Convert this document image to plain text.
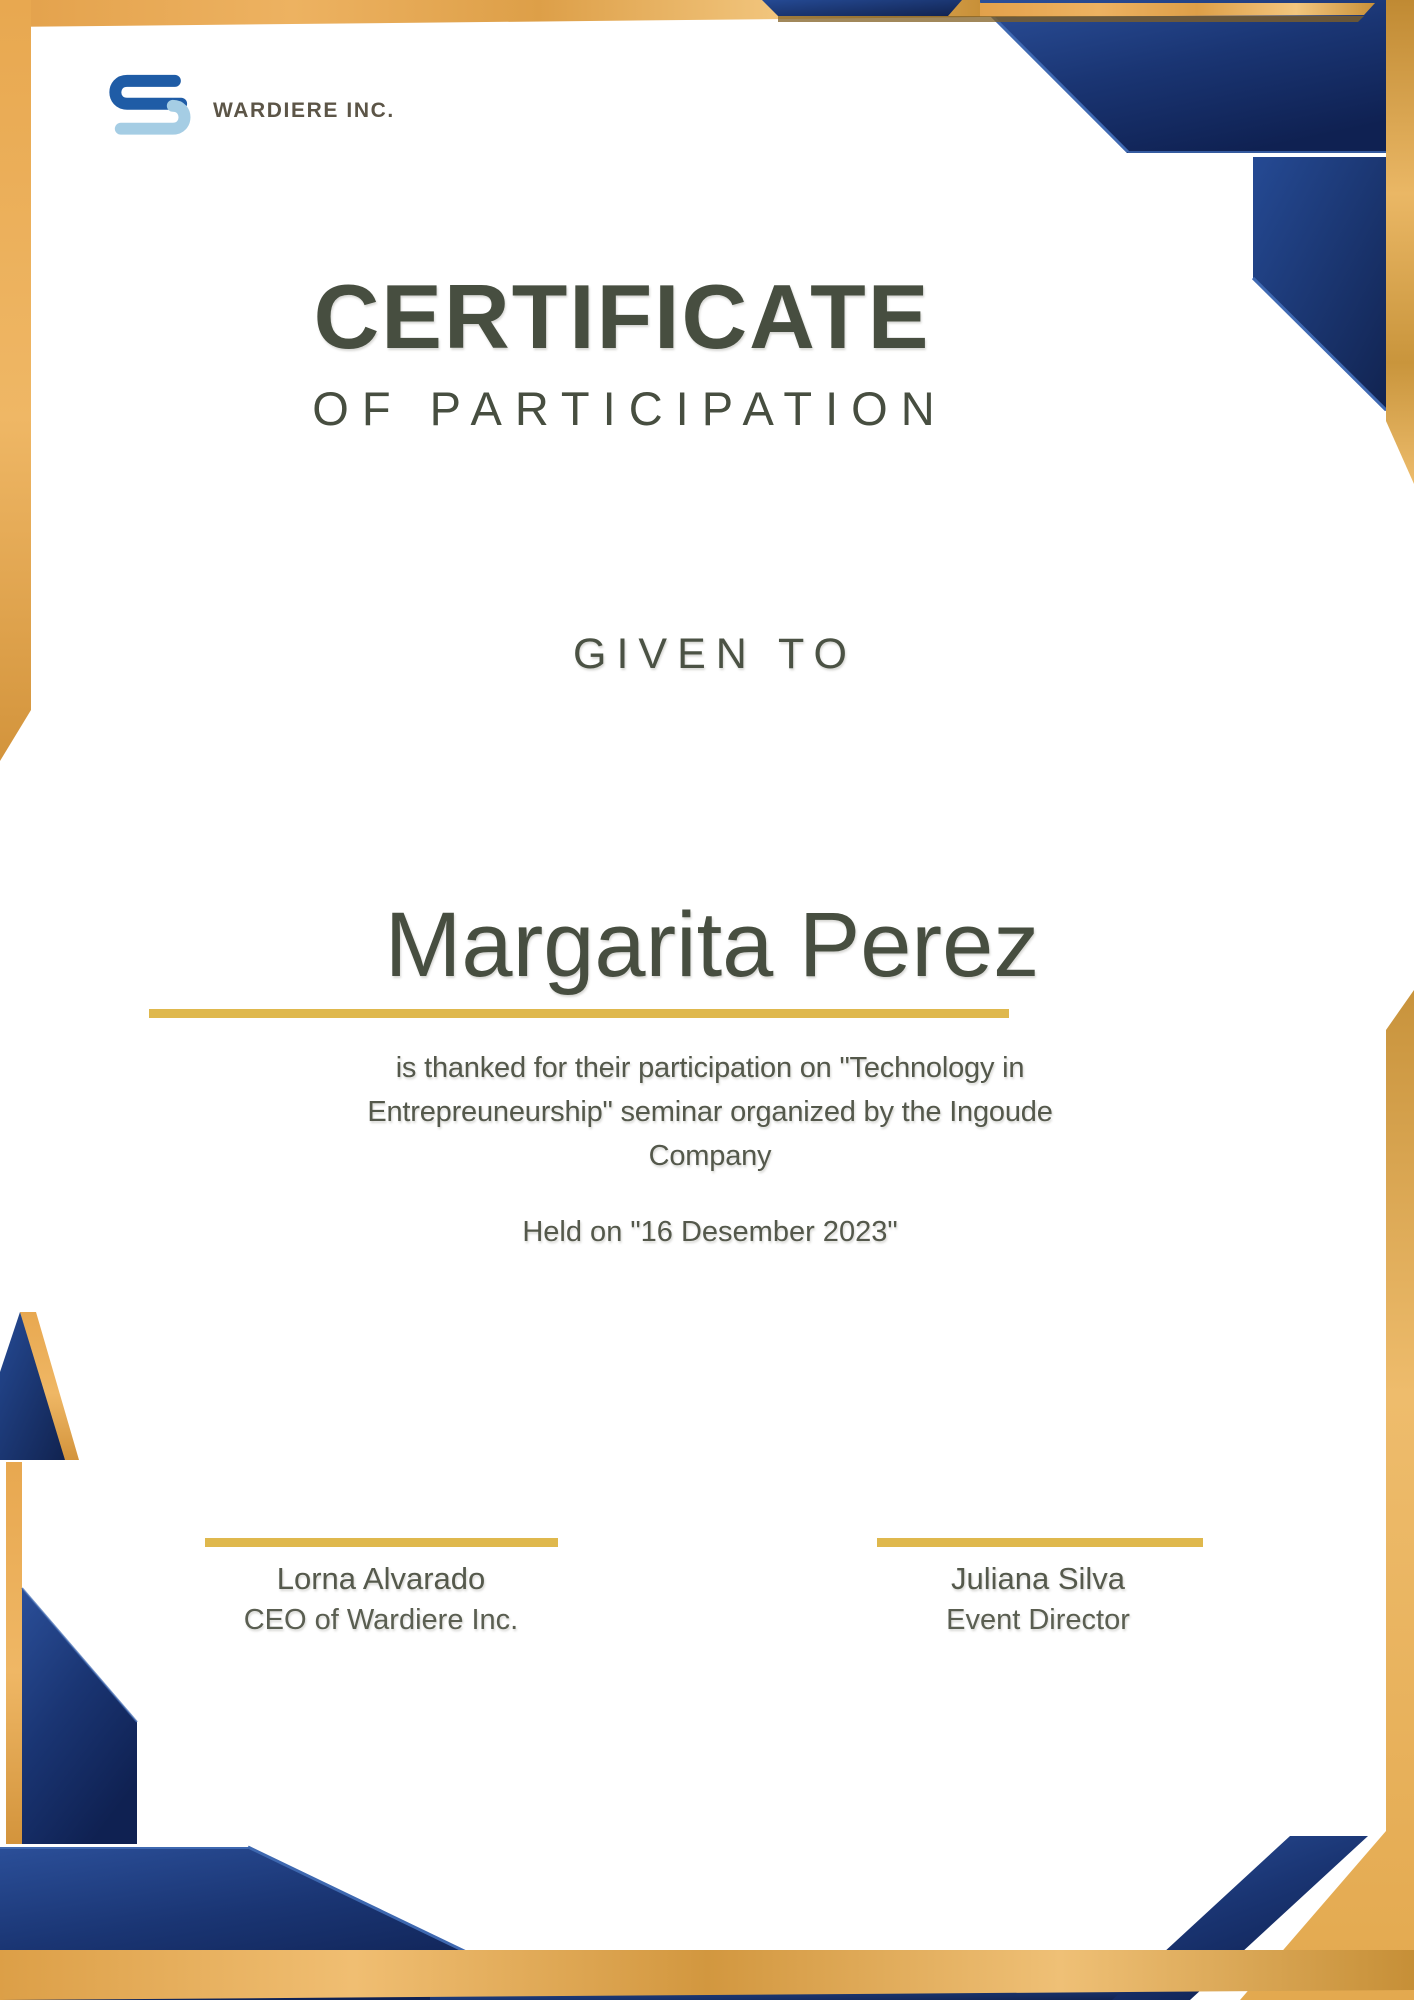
WARDIERE INC.
CERTIFICATE
OF PARTICIPATION
GIVEN TO
Margarita Perez

is thanked for their participation on "Technology in
Entrepreuneurship" seminar organized by the Ingoude
Company

Held on "16 Desember 2023"
Lorna Alvarado
CEO of Wardiere Inc.
Juliana Silva
Event Director
